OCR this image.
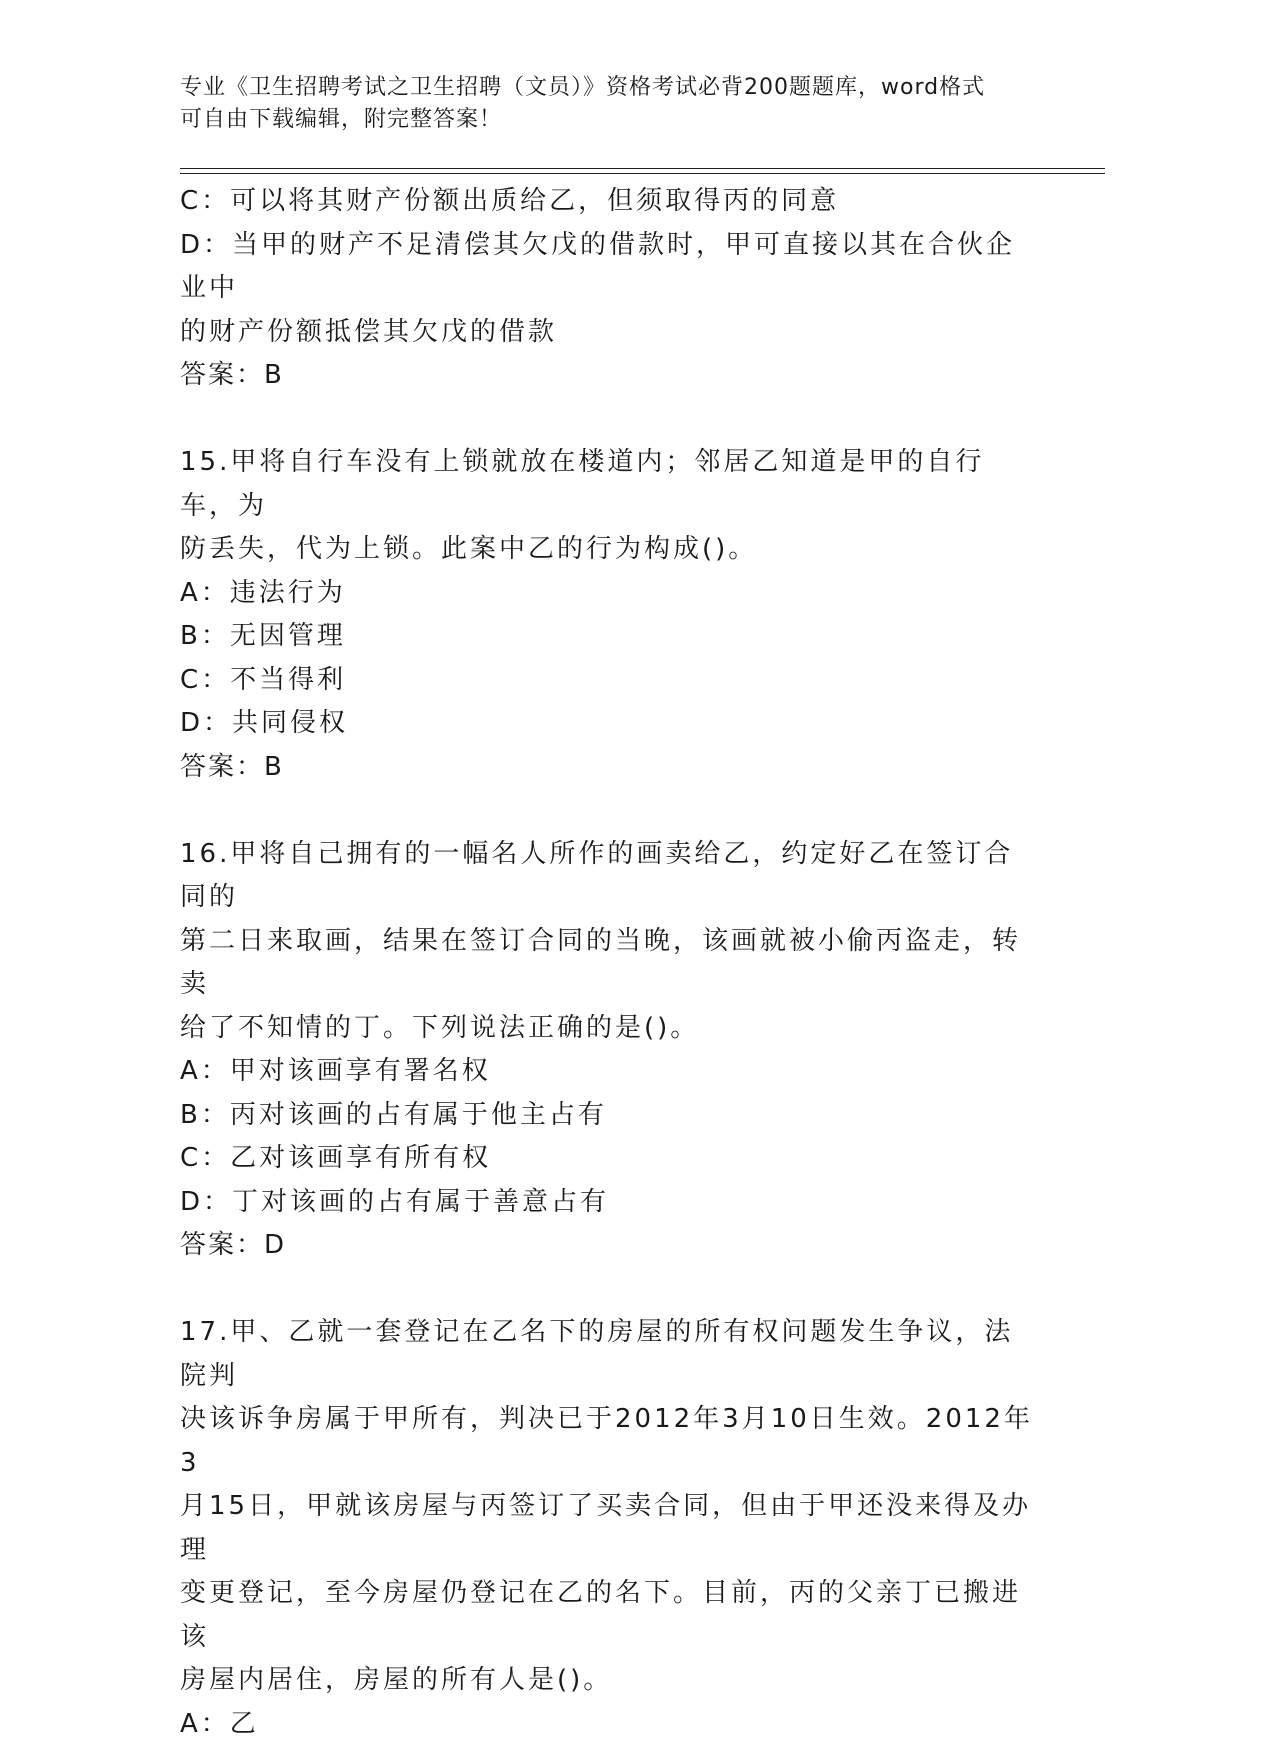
专业《卫生招聘考试之卫生招聘（文员）》资格考试必背200题题库，word格式
可自由下载编辑，附完整答案！

C：可以将其财产份额出质给乙，但须取得丙的同意

D：当甲的财产不足清偿其欠戊的借款时，甲可直接以其在合伙企业中

的财产份额抵偿其欠戊的借款

答案：B

15.甲将自行车没有上锁就放在楼道内；邻居乙知道是甲的自行车，为

防丢失，代为上锁。此案中乙的行为构成()。

A：违法行为

B：无因管理

C：不当得利

D：共同侵权

答案：B

16.甲将自己拥有的一幅名人所作的画卖给乙，约定好乙在签订合同的

第二日来取画，结果在签订合同的当晚，该画就被小偷丙盗走，转卖

给了不知情的丁。下列说法正确的是()。

A：甲对该画享有署名权

B：丙对该画的占有属于他主占有

C：乙对该画享有所有权

D：丁对该画的占有属于善意占有

答案：D

17.甲、乙就一套登记在乙名下的房屋的所有权问题发生争议，法院判

决该诉争房属于甲所有，判决已于2012年3月10日生效。2012年3

月15日，甲就该房屋与丙签订了买卖合同，但由于甲还没来得及办理

变更登记，至今房屋仍登记在乙的名下。目前，丙的父亲丁已搬进该

房屋内居住，房屋的所有人是()。

A：乙
